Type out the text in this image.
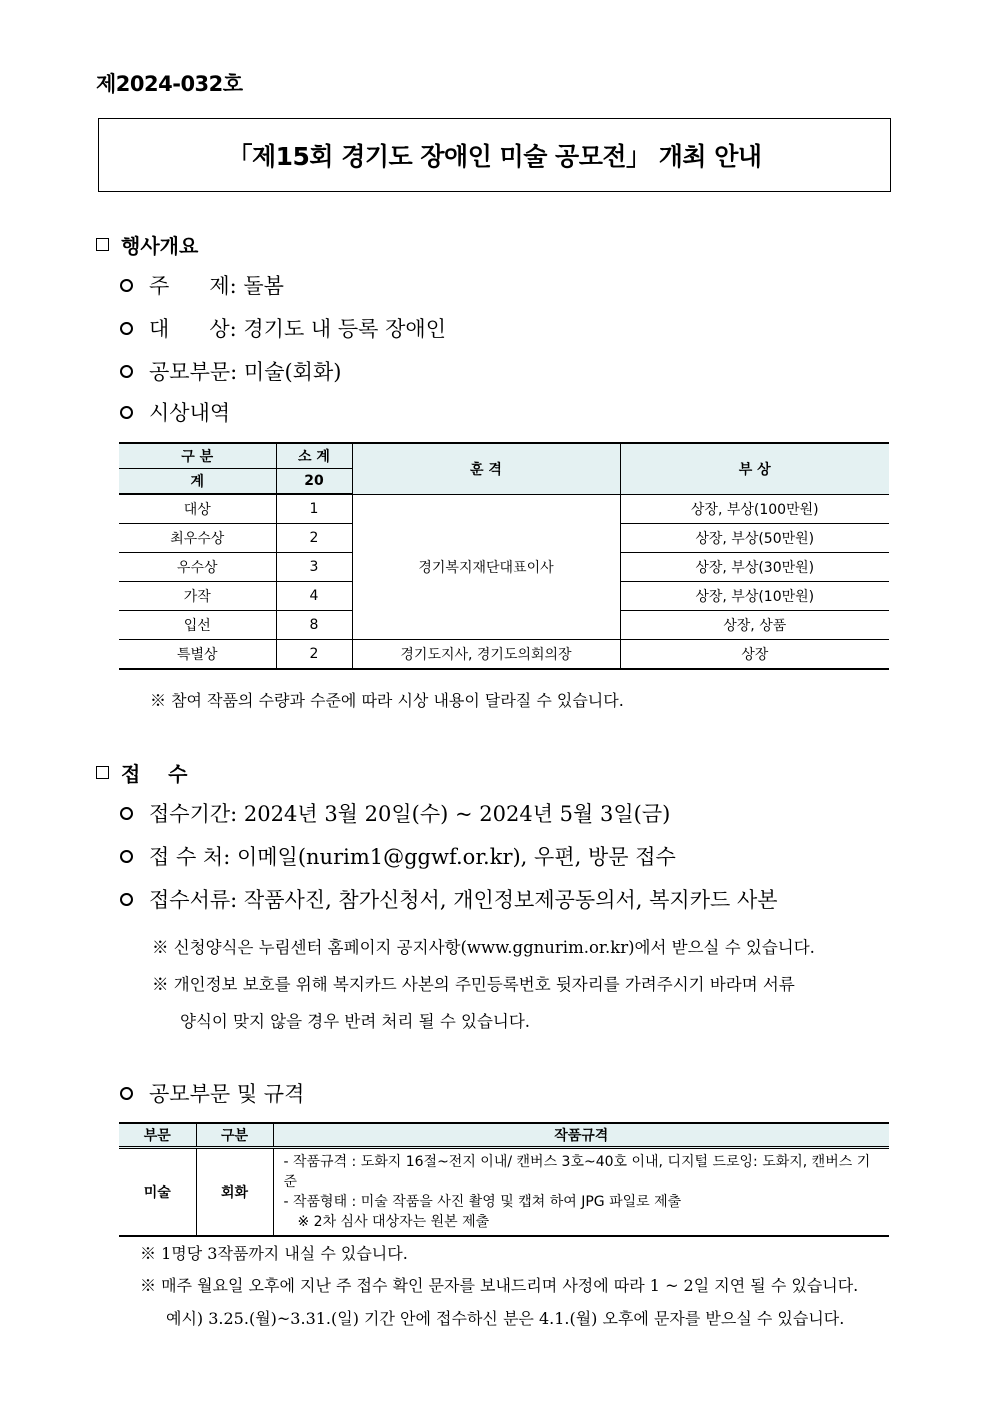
제2024-032호
「제15회 경기도 장애인 미술 공모전」 개최 안내
행사개요
주      제:
돌봄
대      상:
경기도 내 등록 장애인
공모부문:
미술(회화)
시상내역
구 분	소 계	훈 격	부 상
계	20		
대상	1	경기복지재단대표이사	상장, 부상(100만원)
최우수상	2		상장, 부상(50만원)
우수상	3		상장, 부상(30만원)
가작	4		상장, 부상(10만원)
입선	8		상장, 상품
특별상	2	경기도지사, 경기도의회의장	상장
※ 참여 작품의 수량과 수준에 따라 시상 내용이 달라질 수 있습니다.
접    수
접수기간:
2024년 3월 20일(수) ~ 2024년 5월 3일(금)
접 수 처:
이메일(nurim1@ggwf.or.kr), 우편, 방문 접수
접수서류:
작품사진, 참가신청서, 개인정보제공동의서, 복지카드 사본
※ 신청양식은 누림센터 홈페이지 공지사항(www.ggnurim.or.kr)에서 받으실 수 있습니다.
※ 개인정보 보호를 위해 복지카드 사본의 주민등록번호 뒷자리를 가려주시기 바라며 서류
양식이 맞지 않을 경우 반려 처리 될 수 있습니다.
공모부문 및 규격
부문	구분	작품규격
미술	회화	- 작품규격 : 도화지 16절~전지 이내/ 캔버스 3호~40호 이내, 디지털 드로잉: 도화지, 캔버스 기준
- 작품형태 : 미술 작품을 사진 촬영 및 캡쳐 하여 JPG 파일로 제출
※ 2차 심사 대상자는 원본 제출
※ 1명당 3작품까지 내실 수 있습니다.
※ 매주 월요일 오후에 지난 주 접수 확인 문자를 보내드리며 사정에 따라 1 ~ 2일 지연 될 수 있습니다.
예시) 3.25.(월)~3.31.(일) 기간 안에 접수하신 분은 4.1.(월) 오후에 문자를 받으실 수 있습니다.
